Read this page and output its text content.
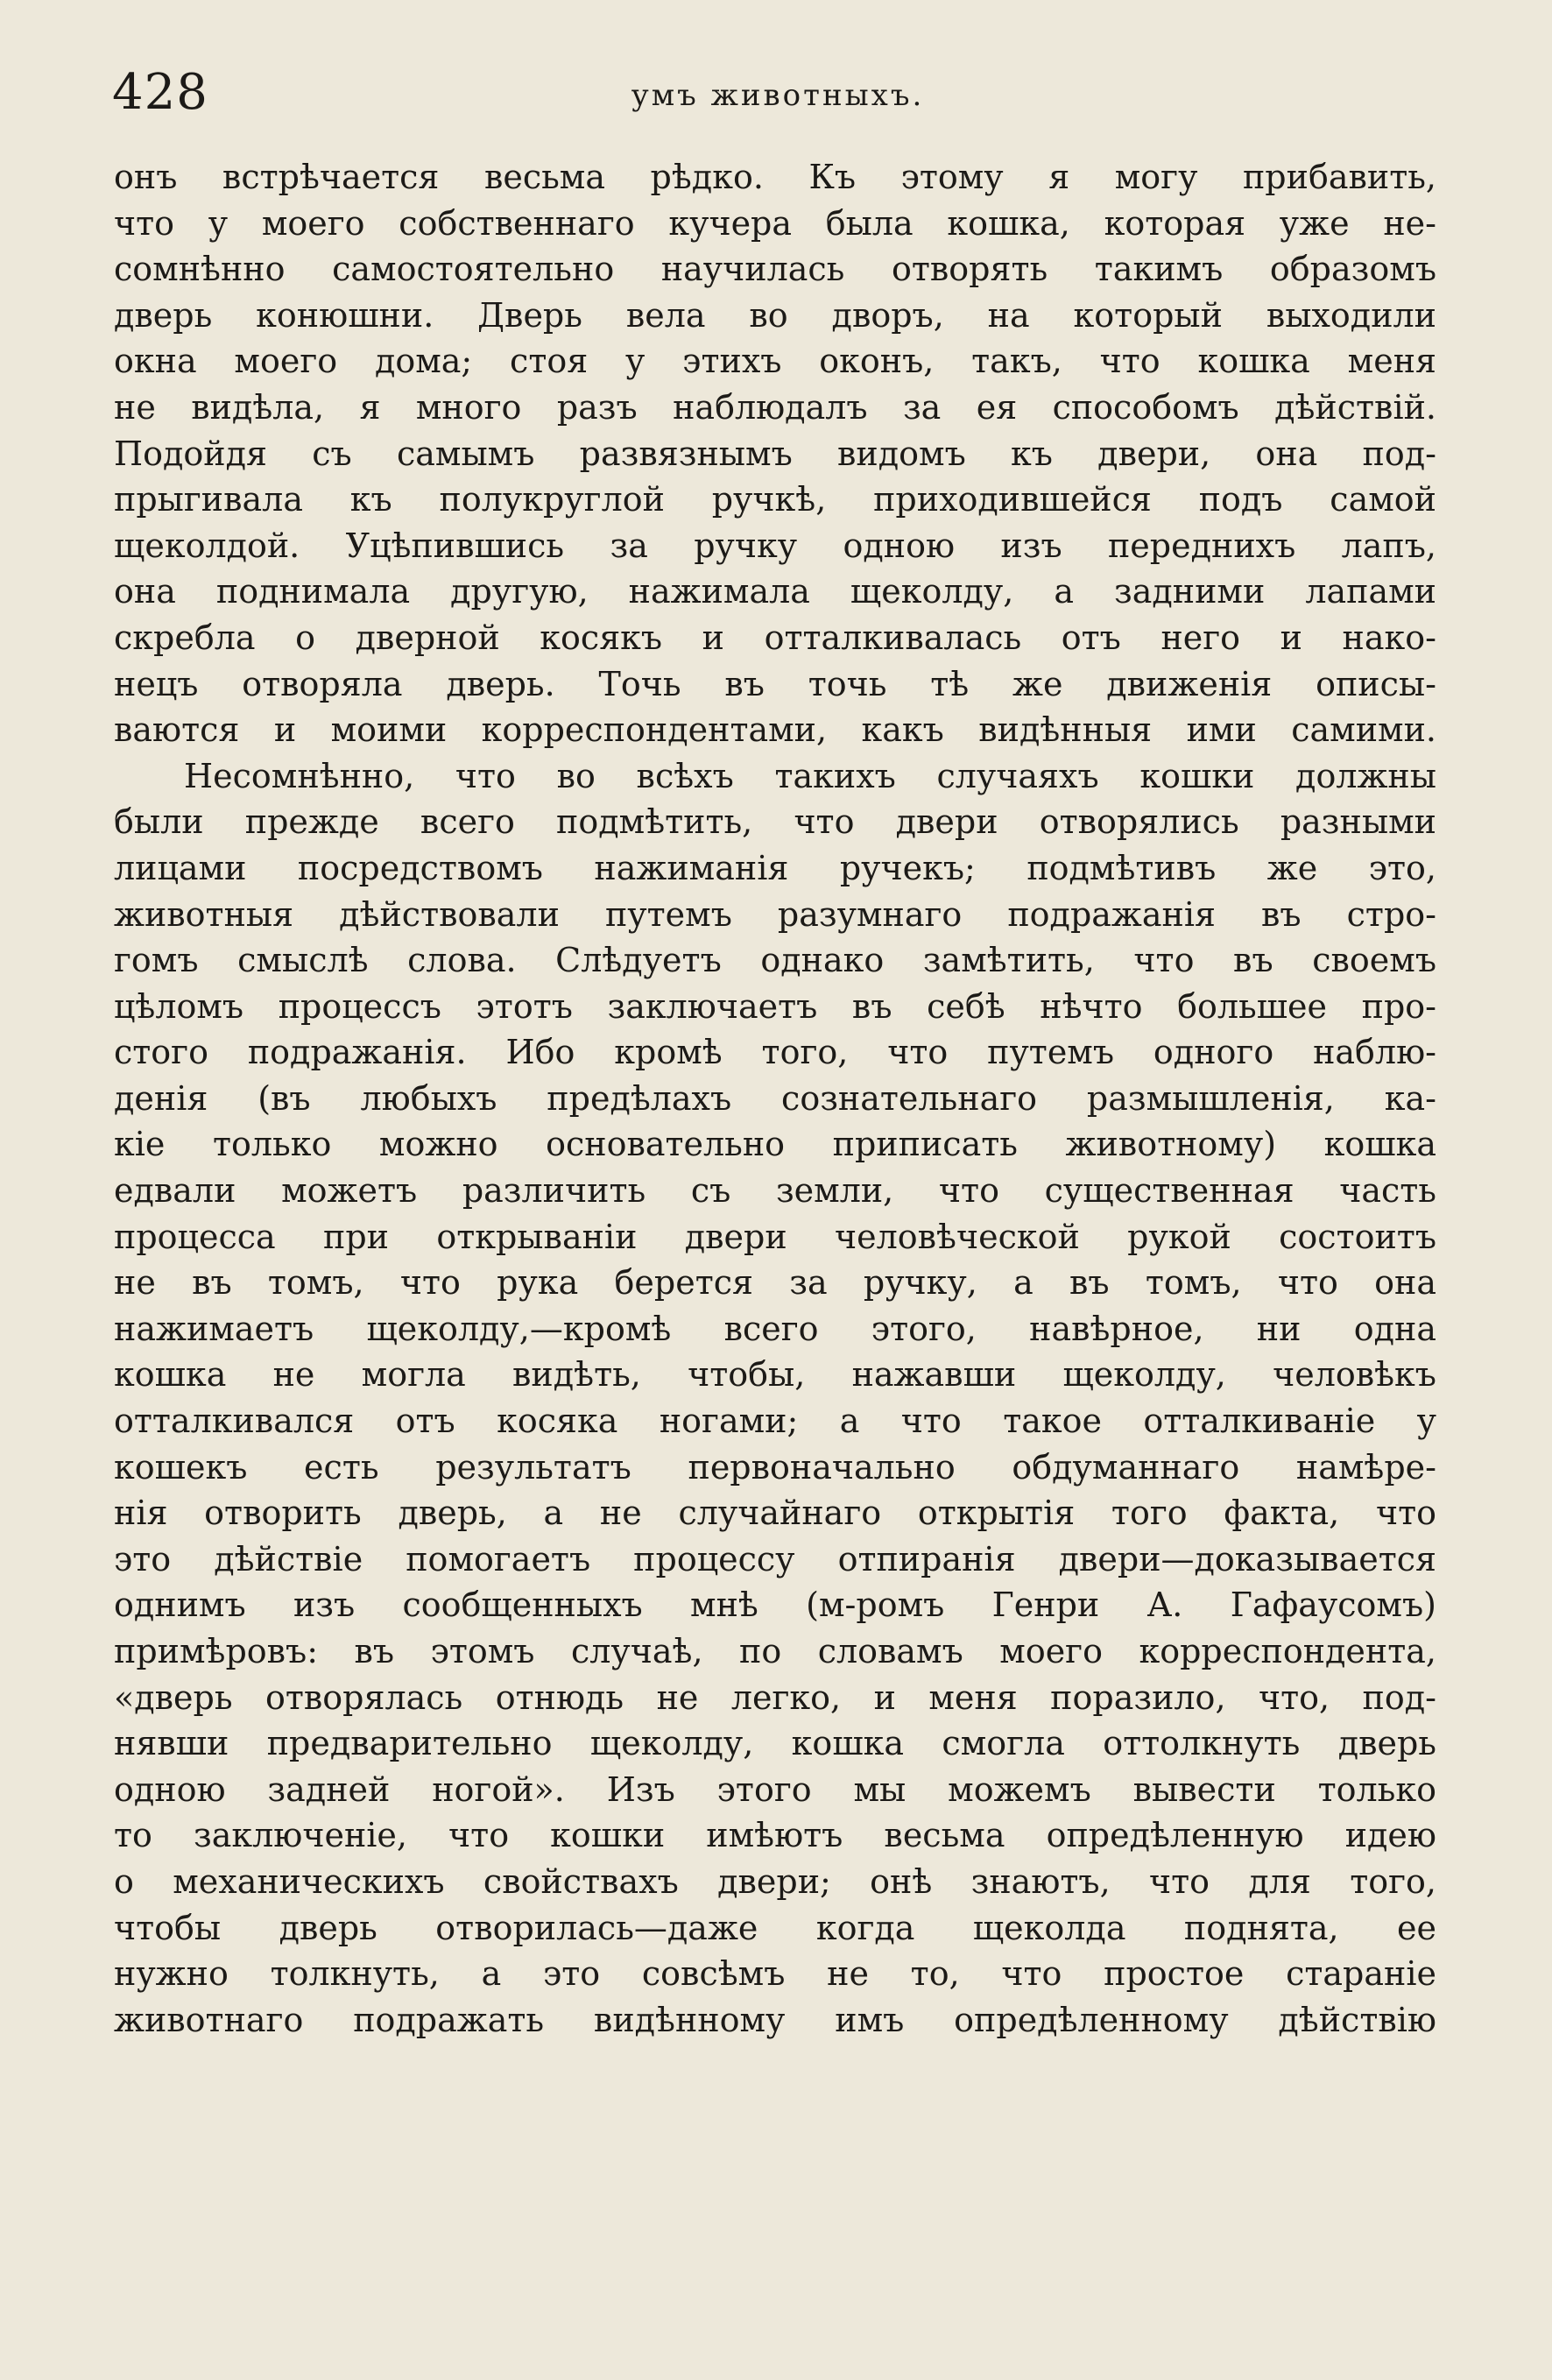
428	умъ животныхъ.
онъ встрѣчается весьма рѣдко. Къ этому я могу прибавить,
что у моего собственнаго кучера была кошка, которая уже не-
сомнѣнно самостоятельно научилась отворять такимъ образомъ
дверь конюшни. Дверь вела во дворъ, на который выходили
окна моего дома; стоя у этихъ оконъ, такъ, что кошка меня
не видѣла, я много разъ наблюдалъ за ея способомъ дѣйствій.
Подойдя съ самымъ развязнымъ видомъ къ двери, она под-
прыгивала къ полукруглой ручкѣ, приходившейся подъ самой
щеколдой. Уцѣпившись за ручку одною изъ переднихъ лапъ,
она поднимала другую, нажимала щеколду, а задними лапами
скребла о дверной косякъ и отталкивалась отъ него и нако-
нецъ отворяла дверь. Точь въ точь тѣ же движенія описы-
ваются и моими корреспондентами, какъ видѣнныя ими самими.
Несомнѣнно, что во всѣхъ такихъ случаяхъ кошки должны
были прежде всего подмѣтить, что двери отворялись разными
лицами посредствомъ нажиманія ручекъ; подмѣтивъ же это,
животныя дѣйствовали путемъ разумнаго подражанія въ стро-
гомъ смыслѣ слова. Слѣдуетъ однако замѣтить, что въ своемъ
цѣломъ процессъ этотъ заключаетъ въ себѣ нѣчто большее про-
стого подражанія. Ибо кромѣ того, что путемъ одного наблю-
денія (въ любыхъ предѣлахъ сознательнаго размышленія, ка-
кіе только можно основательно приписать животному) кошка
едвали можетъ различить съ земли, что существенная часть
процесса при открываніи двери человѣческой рукой состоитъ
не въ томъ, что рука берется за ручку, а въ томъ, что она
нажимаетъ щеколду,—кромѣ всего этого, навѣрное, ни одна
кошка не могла видѣть, чтобы, нажавши щеколду, человѣкъ
отталкивался отъ косяка ногами; а что такое отталкиваніе у
кошекъ есть результатъ первоначально обдуманнаго намѣре-
нія отворить дверь, а не случайнаго открытія того факта, что
это дѣйствіе помогаетъ процессу отпиранія двери—доказывается
однимъ изъ сообщенныхъ мнѣ (м-ромъ Генри А. Гафаусомъ)
примѣровъ: въ этомъ случаѣ, по словамъ моего корреспондента,
«дверь отворялась отнюдь не легко, и меня поразило, что, под-
нявши предварительно щеколду, кошка смогла оттолкнуть дверь
одною задней ногой». Изъ этого мы можемъ вывести только
то заключеніе, что кошки имѣютъ весьма опредѣленную идею
о механическихъ свойствахъ двери; онѣ знаютъ, что для того,
чтобы дверь отворилась—даже когда щеколда поднята, ее
нужно толкнуть, а это совсѣмъ не то, что простое стараніе
животнаго подражать видѣнному имъ опредѣленному дѣйствію
